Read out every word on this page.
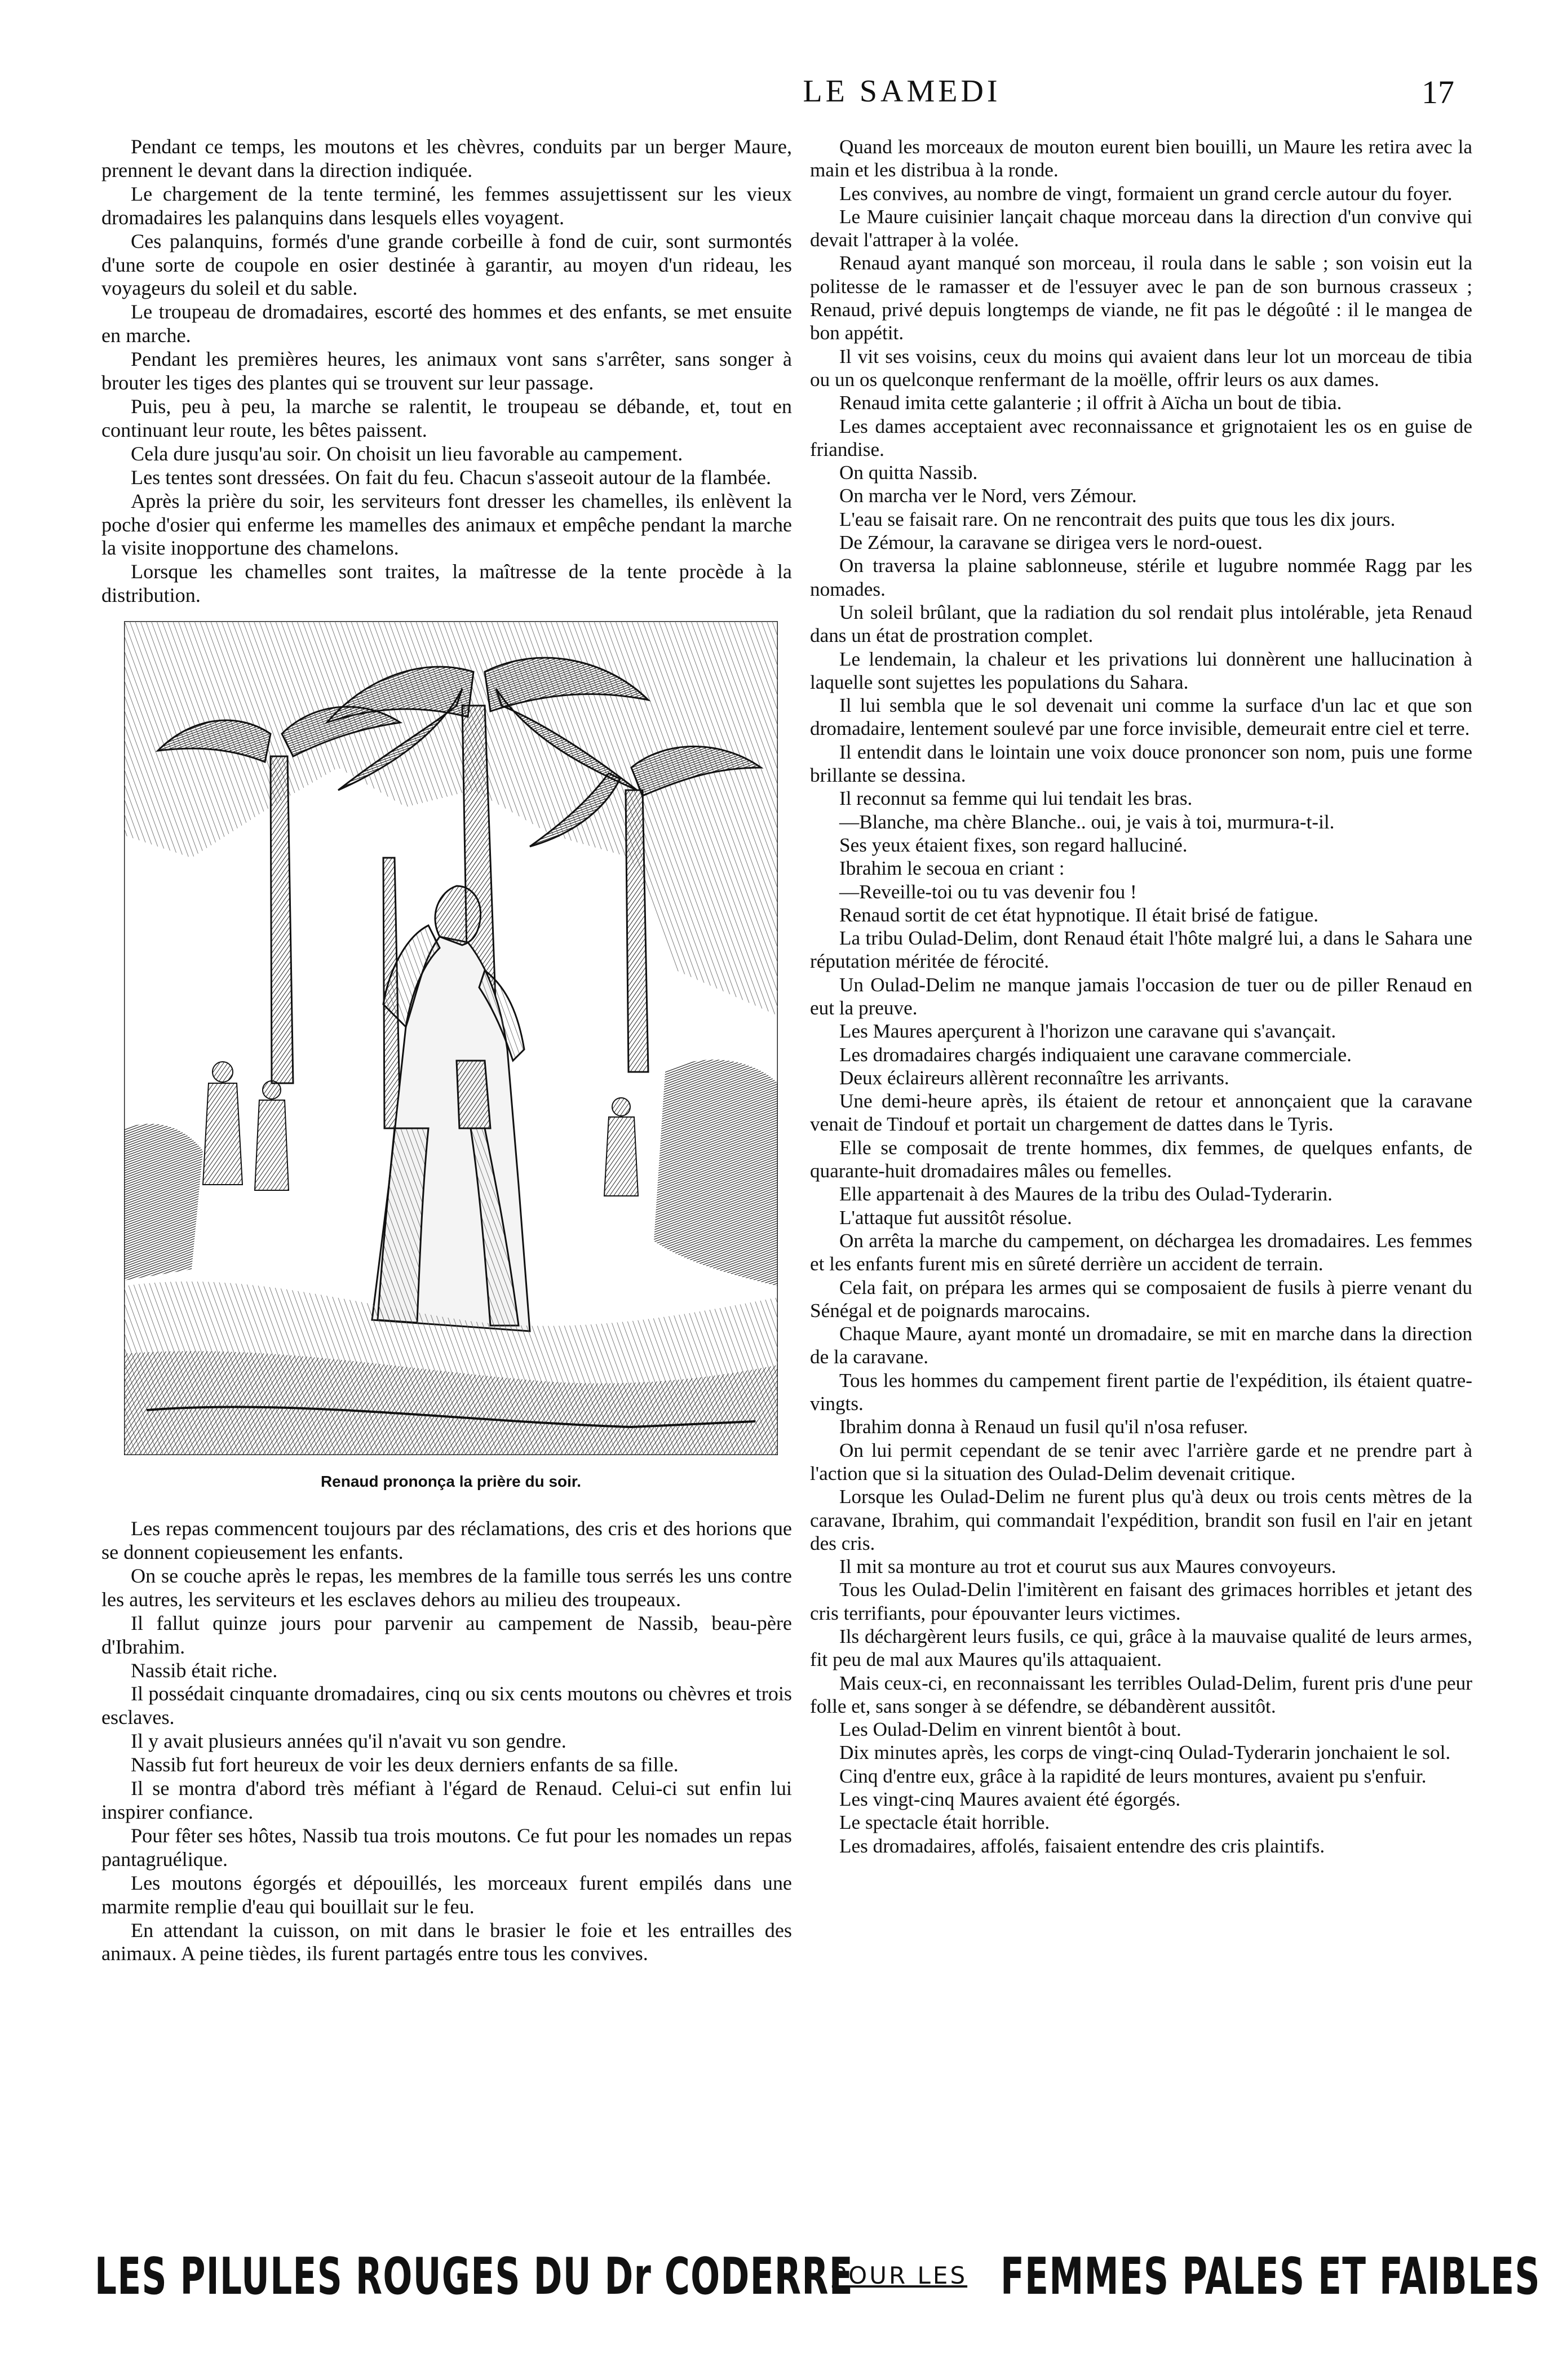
LE SAMEDI	17

Pendant ce temps, les moutons et les chèvres, conduits par un berger Maure, prennent le devant dans la direction indiquée.

Le chargement de la tente terminé, les femmes assujettissent sur les vieux dromadaires les palanquins dans lesquels elles voyagent.

Ces palanquins, formés d'une grande corbeille à fond de cuir, sont surmontés d'une sorte de coupole en osier destinée à garantir, au moyen d'un rideau, les voyageurs du soleil et du sable.

Le troupeau de dromadaires, escorté des hommes et des enfants, se met ensuite en marche.

Pendant les premières heures, les animaux vont sans s'arrêter, sans songer à brouter les tiges des plantes qui se trouvent sur leur passage.

Puis, peu à peu, la marche se ralentit, le troupeau se débande, et, tout en continuant leur route, les bêtes paissent.

Cela dure jusqu'au soir. On choisit un lieu favorable au campement.

Les tentes sont dressées. On fait du feu. Chacun s'asseoit autour de la flambée.

Après la prière du soir, les serviteurs font dresser les chamelles, ils enlèvent la poche d'osier qui enferme les mamelles des animaux et empêche pendant la marche la visite inopportune des chamelons.

Lorsque les chamelles sont traites, la maîtresse de la tente procède à la distribution.

Renaud prononça la prière du soir.

Les repas commencent toujours par des réclamations, des cris et des horions que se donnent copieusement les enfants.

On se couche après le repas, les membres de la famille tous serrés les uns contre les autres, les serviteurs et les esclaves dehors au milieu des troupeaux.

Il fallut quinze jours pour parvenir au campement de Nassib, beau-père d'Ibrahim.

Nassib était riche.

Il possédait cinquante dromadaires, cinq ou six cents moutons ou chèvres et trois esclaves.

Il y avait plusieurs années qu'il n'avait vu son gendre.

Nassib fut fort heureux de voir les deux derniers enfants de sa fille.

Il se montra d'abord très méfiant à l'égard de Renaud. Celui-ci sut enfin lui inspirer confiance.

Pour fêter ses hôtes, Nassib tua trois moutons. Ce fut pour les nomades un repas pantagruélique.

Les moutons égorgés et dépouillés, les morceaux furent empilés dans une marmite remplie d'eau qui bouillait sur le feu.

En attendant la cuisson, on mit dans le brasier le foie et les entrailles des animaux. A peine tièdes, ils furent partagés entre tous les convives.

Quand les morceaux de mouton eurent bien bouilli, un Maure les retira avec la main et les distribua à la ronde.

Les convives, au nombre de vingt, formaient un grand cercle autour du foyer.

Le Maure cuisinier lançait chaque morceau dans la direction d'un convive qui devait l'attraper à la volée.

Renaud ayant manqué son morceau, il roula dans le sable ; son voisin eut la politesse de le ramasser et de l'essuyer avec le pan de son burnous crasseux ; Renaud, privé depuis longtemps de viande, ne fit pas le dégoûté : il le mangea de bon appétit.

Il vit ses voisins, ceux du moins qui avaient dans leur lot un morceau de tibia ou un os quelconque renfermant de la moëlle, offrir leurs os aux dames.

Renaud imita cette galanterie ; il offrit à Aïcha un bout de tibia.

Les dames acceptaient avec reconnaissance et grignotaient les os en guise de friandise.

On quitta Nassib.

On marcha ver le Nord, vers Zémour.

L'eau se faisait rare. On ne rencontrait des puits que tous les dix jours.

De Zémour, la caravane se dirigea vers le nord-ouest.

On traversa la plaine sablonneuse, stérile et lugubre nommée Ragg par les nomades.

Un soleil brûlant, que la radiation du sol rendait plus intolérable, jeta Renaud dans un état de prostration complet.

Le lendemain, la chaleur et les privations lui donnèrent une hallucination à laquelle sont sujettes les populations du Sahara.

Il lui sembla que le sol devenait uni comme la surface d'un lac et que son dromadaire, lentement soulevé par une force invisible, demeurait entre ciel et terre.

Il entendit dans le lointain une voix douce prononcer son nom, puis une forme brillante se dessina.

Il reconnut sa femme qui lui tendait les bras.

—Blanche, ma chère Blanche.. oui, je vais à toi, murmura-t-il.

Ses yeux étaient fixes, son regard halluciné.

Ibrahim le secoua en criant :

—Reveille-toi ou tu vas devenir fou !

Renaud sortit de cet état hypnotique. Il était brisé de fatigue.

La tribu Oulad-Delim, dont Renaud était l'hôte malgré lui, a dans le Sahara une réputation méritée de férocité.

Un Oulad-Delim ne manque jamais l'occasion de tuer ou de piller Renaud en eut la preuve.

Les Maures aperçurent à l'horizon une caravane qui s'avançait.

Les dromadaires chargés indiquaient une caravane commerciale.

Deux éclaireurs allèrent reconnaître les arrivants.

Une demi-heure après, ils étaient de retour et annonçaient que la caravane venait de Tindouf et portait un chargement de dattes dans le Tyris.

Elle se composait de trente hommes, dix femmes, de quelques enfants, de quarante-huit dromadaires mâles ou femelles.

Elle appartenait à des Maures de la tribu des Oulad-Tyderarin.

L'attaque fut aussitôt résolue.

On arrêta la marche du campement, on déchargea les dromadaires. Les femmes et les enfants furent mis en sûreté derrière un accident de terrain.

Cela fait, on prépara les armes qui se composaient de fusils à pierre venant du Sénégal et de poignards marocains.

Chaque Maure, ayant monté un dromadaire, se mit en marche dans la direction de la caravane.

Tous les hommes du campement firent partie de l'expédition, ils étaient quatre-vingts.

Ibrahim donna à Renaud un fusil qu'il n'osa refuser.

On lui permit cependant de se tenir avec l'arrière garde et ne prendre part à l'action que si la situation des Oulad-Delim devenait critique.

Lorsque les Oulad-Delim ne furent plus qu'à deux ou trois cents mètres de la caravane, Ibrahim, qui commandait l'expédition, brandit son fusil en l'air en jetant des cris.

Il mit sa monture au trot et courut sus aux Maures convoyeurs.

Tous les Oulad-Delin l'imitèrent en faisant des grimaces horribles et jetant des cris terrifiants, pour épouvanter leurs victimes.

Ils déchargèrent leurs fusils, ce qui, grâce à la mauvaise qualité de leurs armes, fit peu de mal aux Maures qu'ils attaquaient.

Mais ceux-ci, en reconnaissant les terribles Oulad-Delim, furent pris d'une peur folle et, sans songer à se défendre, se débandèrent aussitôt.

Les Oulad-Delim en vinrent bientôt à bout.

Dix minutes après, les corps de vingt-cinq Oulad-Tyderarin jonchaient le sol.

Cinq d'entre eux, grâce à la rapidité de leurs montures, avaient pu s'enfuir.

Les vingt-cinq Maures avaient été égorgés.

Le spectacle était horrible.

Les dromadaires, affolés, faisaient entendre des cris plaintifs.

LES PILULES ROUGES DU Dr CODERRE
POUR LES FEMMES PALES ET FAIBLES
